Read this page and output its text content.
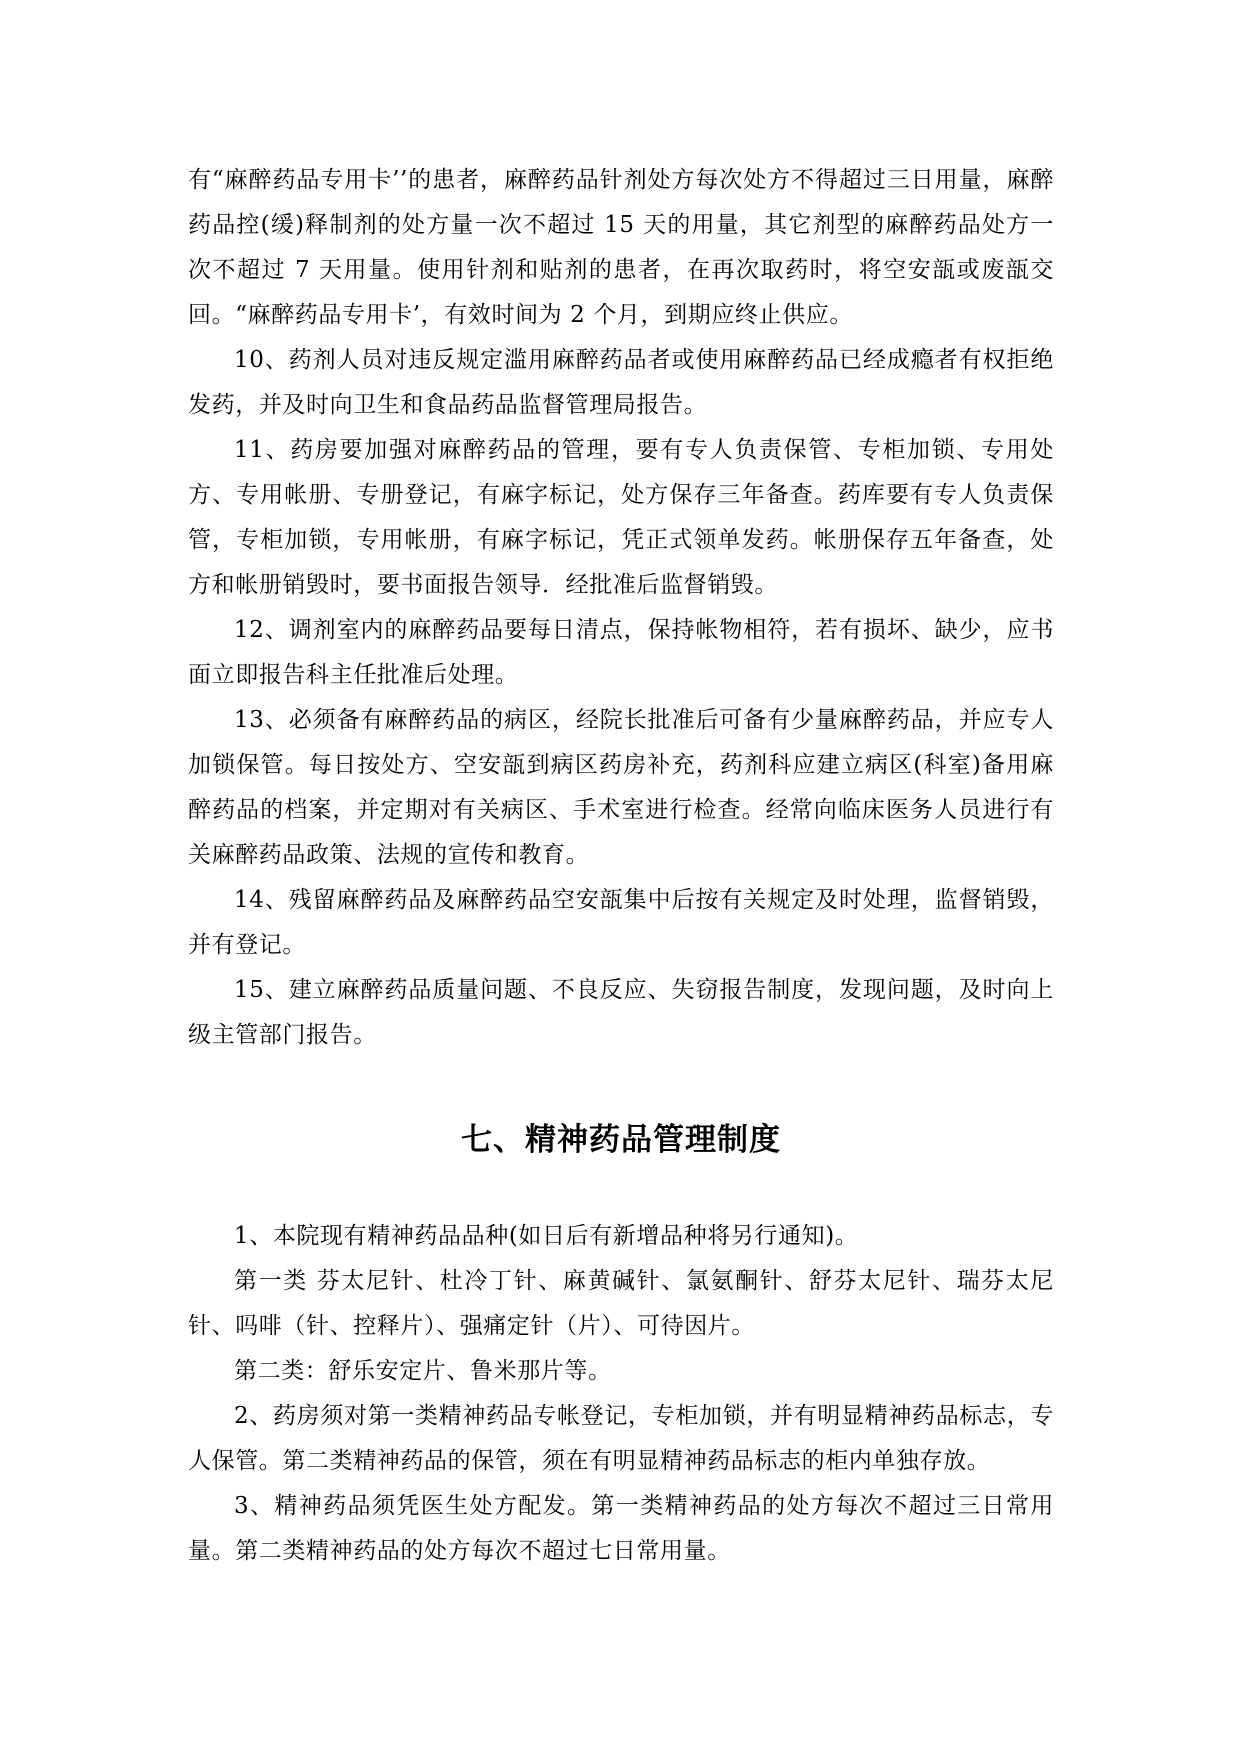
有“麻醉药品专用卡’’的患者，麻醉药品针剂处方每次处方不得超过三日用量，麻醉药品控(缓)释制剂的处方量一次不超过 15 天的用量，其它剂型的麻醉药品处方一次不超过 7 天用量。使用针剂和贴剂的患者，在再次取药时，将空安瓿或废瓿交回。“麻醉药品专用卡’，有效时间为 2 个月，到期应终止供应。

10、药剂人员对违反规定滥用麻醉药品者或使用麻醉药品已经成瘾者有权拒绝发药，并及时向卫生和食品药品监督管理局报告。

11、药房要加强对麻醉药品的管理，要有专人负责保管、专柜加锁、专用处方、专用帐册、专册登记，有麻字标记，处方保存三年备查。药库要有专人负责保管，专柜加锁，专用帐册，有麻字标记，凭正式领单发药。帐册保存五年备查，处方和帐册销毁时，要书面报告领导．经批准后监督销毁。

12、调剂室内的麻醉药品要每日清点，保持帐物相符，若有损坏、缺少，应书面立即报告科主任批准后处理。

13、必须备有麻醉药品的病区，经院长批准后可备有少量麻醉药品，并应专人加锁保管。每日按处方、空安瓿到病区药房补充，药剂科应建立病区(科室)备用麻醉药品的档案，并定期对有关病区、手术室进行检查。经常向临床医务人员进行有关麻醉药品政策、法规的宣传和教育。

14、残留麻醉药品及麻醉药品空安瓿集中后按有关规定及时处理，监督销毁，并有登记。

15、建立麻醉药品质量问题、不良反应、失窃报告制度，发现问题，及时向上级主管部门报告。

七、精神药品管理制度

1、本院现有精神药品品种(如日后有新增品种将另行通知)。

第一类 芬太尼针、杜冷丁针、麻黄碱针、氯氨酮针、舒芬太尼针、瑞芬太尼针、吗啡（针、控释片）、强痛定针（片）、可待因片。

第二类：舒乐安定片、鲁米那片等。

2、药房须对第一类精神药品专帐登记，专柜加锁，并有明显精神药品标志，专人保管。第二类精神药品的保管，须在有明显精神药品标志的柜内单独存放。

3、精神药品须凭医生处方配发。第一类精神药品的处方每次不超过三日常用量。第二类精神药品的处方每次不超过七日常用量。
